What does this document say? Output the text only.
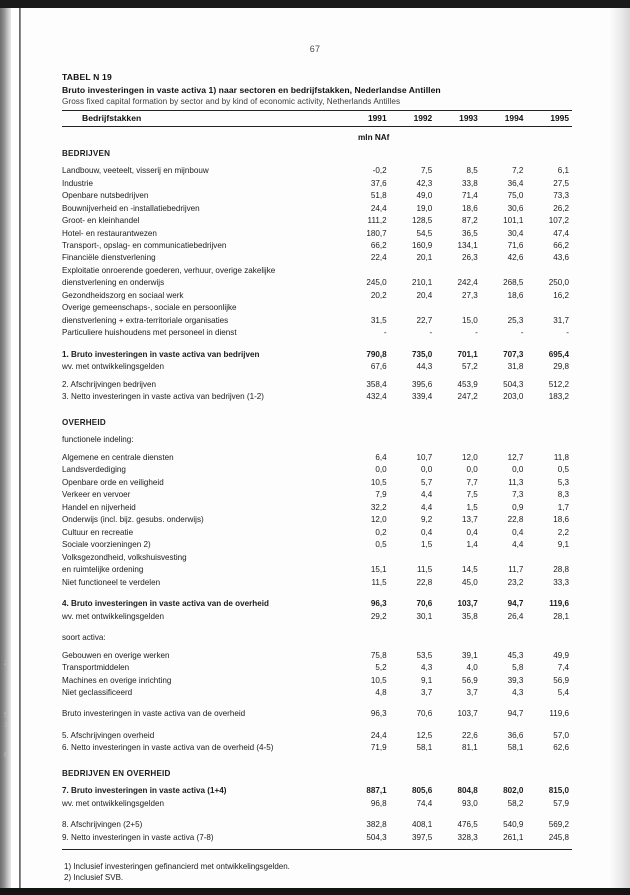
2
5
1
6
67
TABEL N 19
Bruto investeringen in vaste activa 1) naar sectoren en bedrijfstakken, Nederlandse Antillen
Gross fixed capital formation by sector and by kind of economic activity, Netherlands Antilles

Bedrijfstakken	1991	1992	1993	1994	1995

	mln NAf				
BEDRIJVEN					

Landbouw, veeteelt, visserij en mijnbouw	-0,2	7,5	8,5	7,2	6,1
Industrie	37,6	42,3	33,8	36,4	27,5
Openbare nutsbedrijven	51,8	49,0	71,4	75,0	73,3
Bouwnijverheid en -installatiebedrijven	24,4	19,0	18,6	30,6	26,2
Groot- en kleinhandel	111,2	128,5	87,2	101,1	107,2
Hotel- en restaurantwezen	180,7	54,5	36,5	30,4	47,4
Transport-, opslag- en communicatiebedrijven	66,2	160,9	134,1	71,6	66,2
Financiële dienstverlening	22,4	20,1	26,3	42,6	43,6
Exploitatie onroerende goederen, verhuur, overige zakelijke					
dienstverlening en onderwijs	245,0	210,1	242,4	268,5	250,0
Gezondheidszorg en sociaal werk	20,2	20,4	27,3	18,6	16,2
Overige gemeenschaps-, sociale en persoonlijke					
dienstverlening + extra-territoriale organisaties	31,5	22,7	15,0	25,3	31,7
Particuliere huishoudens met personeel in dienst	-	-	-	-	-

1. Bruto investeringen in vaste activa van bedrijven	790,8	735,0	701,1	707,3	695,4
wv. met ontwikkelingsgelden	67,6	44,3	57,2	31,8	29,8

2. Afschrijvingen bedrijven	358,4	395,6	453,9	504,3	512,2
3. Netto investeringen in vaste activa van bedrijven (1-2)	432,4	339,4	247,2	203,0	183,2

OVERHEID					

functionele indeling:					

Algemene en centrale diensten	6,4	10,7	12,0	12,7	11,8
Landsverdediging	0,0	0,0	0,0	0,0	0,5
Openbare orde en veiligheid	10,5	5,7	7,7	11,3	5,3
Verkeer en vervoer	7,9	4,4	7,5	7,3	8,3
Handel en nijverheid	32,2	4,4	1,5	0,9	1,7
Onderwijs (incl. bijz. gesubs. onderwijs)	12,0	9,2	13,7	22,8	18,6
Cultuur en recreatie	0,2	0,4	0,4	0,4	2,2
Sociale voorzieningen 2)	0,5	1,5	1,4	4,4	9,1
Volksgezondheid, volkshuisvesting					
en ruimtelijke ordening	15,1	11,5	14,5	11,7	28,8
Niet functioneel te verdelen	11,5	22,8	45,0	23,2	33,3

4. Bruto investeringen in vaste activa van de overheid	96,3	70,6	103,7	94,7	119,6
wv. met ontwikkelingsgelden	29,2	30,1	35,8	26,4	28,1

soort activa:					

Gebouwen en overige werken	75,8	53,5	39,1	45,3	49,9
Transportmiddelen	5,2	4,3	4,0	5,8	7,4
Machines en overige inrichting	10,5	9,1	56,9	39,3	56,9
Niet geclassificeerd	4,8	3,7	3,7	4,3	5,4

Bruto investeringen in vaste activa van de overheid	96,3	70,6	103,7	94,7	119,6

5. Afschrijvingen overheid	24,4	12,5	22,6	36,6	57,0
6. Netto investeringen in vaste activa van de overheid (4-5)	71,9	58,1	81,1	58,1	62,6

BEDRIJVEN EN OVERHEID					

7. Bruto investeringen in vaste activa (1+4)	887,1	805,6	804,8	802,0	815,0
wv. met ontwikkelingsgelden	96,8	74,4	93,0	58,2	57,9

8. Afschrijvingen (2+5)	382,8	408,1	476,5	540,9	569,2
9. Netto investeringen in vaste activa (7-8)	504,3	397,5	328,3	261,1	245,8

1) Inclusief investeringen gefinancierd met ontwikkelingsgelden.
2) Inclusief SVB.
